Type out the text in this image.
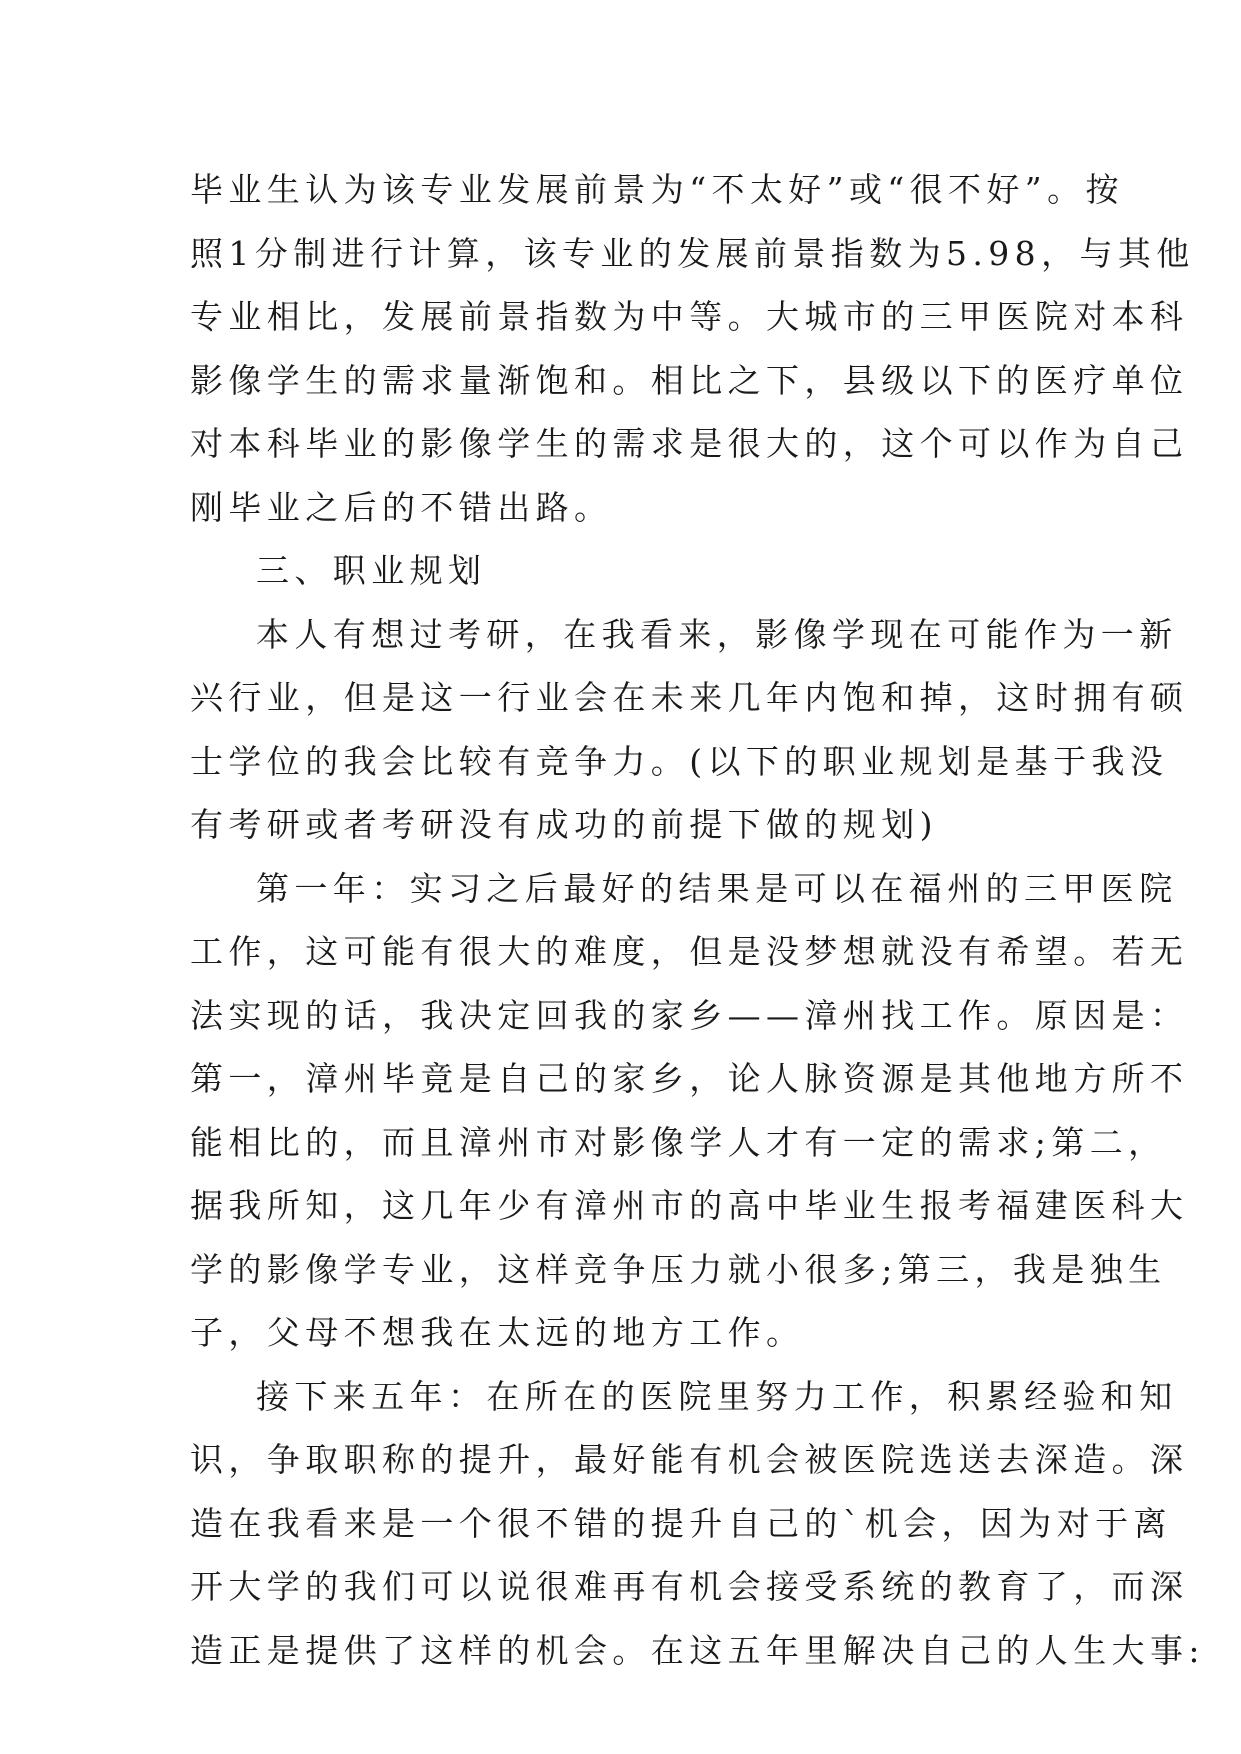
毕业生认为该专业发展前景为“不太好”或“很不好”。按
照1分制进行计算，该专业的发展前景指数为5.98，与其他
专业相比，发展前景指数为中等。大城市的三甲医院对本科
影像学生的需求量渐饱和。相比之下，县级以下的医疗单位
对本科毕业的影像学生的需求是很大的，这个可以作为自己
刚毕业之后的不错出路。
三、职业规划
本人有想过考研，在我看来，影像学现在可能作为一新
兴行业，但是这一行业会在未来几年内饱和掉，这时拥有硕
士学位的我会比较有竞争力。(以下的职业规划是基于我没
有考研或者考研没有成功的前提下做的规划)
第一年：实习之后最好的结果是可以在福州的三甲医院
工作，这可能有很大的难度，但是没梦想就没有希望。若无
法实现的话，我决定回我的家乡——漳州找工作。原因是：
第一，漳州毕竟是自己的家乡，论人脉资源是其他地方所不
能相比的，而且漳州市对影像学人才有一定的需求;第二，
据我所知，这几年少有漳州市的高中毕业生报考福建医科大
学的影像学专业，这样竞争压力就小很多;第三，我是独生
子，父母不想我在太远的地方工作。
接下来五年：在所在的医院里努力工作，积累经验和知
识，争取职称的提升，最好能有机会被医院选送去深造。深
造在我看来是一个很不错的提升自己的`机会，因为对于离
开大学的我们可以说很难再有机会接受系统的教育了，而深
造正是提供了这样的机会。在这五年里解决自己的人生大事:
